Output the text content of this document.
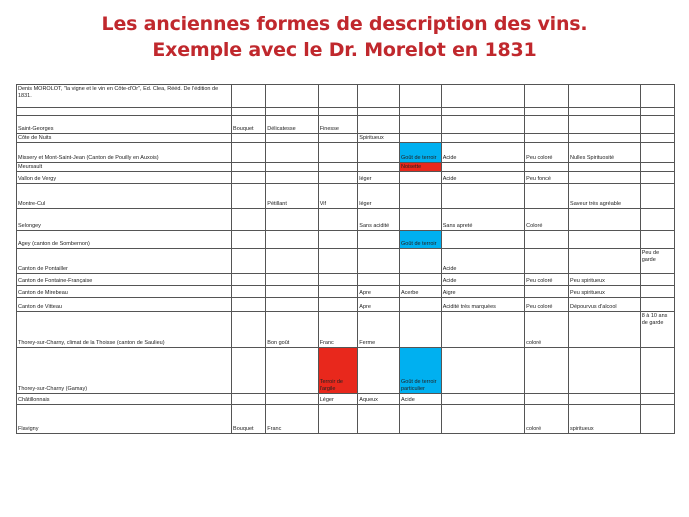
Les anciennes formes de description des vins.
Exemple avec le Dr. Morelot en 1831
Denis MOROLOT, "la vigne et le vin en Côte-d'Or", Ed. Clea, Rééd. De l'édition de 1831.									

Saint-Georges	Bouquet	Délicatesse	Finesse						
Côte de Nuits				Spiritueux					
Missery et Mont-Saint-Jean (Canton de Pouilly en Auxois)					Goût de terroir	Acide	Peu coloré	Nulles Spirituosité	
Meursault					Noisette				
Vallon de Vergy				léger		Acide	Peu foncé		
Montre-Cul		Pétillant	Vif	léger				Saveur très agréable	
Selongey				Sans acidité		Sans apreté	Coloré		
Agey (canton de Sombernon)					Goût de terroir				
Canton de Pontailler						Acide			Peu de garde
Canton de Fontaine-Française						Acide	Peu coloré	Peu spiritueux	
Canton de Mirebeau				Apre	Acerbe	Aigre		Peu spiritueux	
Canton de Vitteau				Apre		Acidité très marquées	Peu coloré	Dépourvus d'alcool	
Thorey-sur-Charny, climat de la Thoisse (canton de Saulieu)		Bon goût	Franc	Ferme			coloré		8 à 10 ans de garde
Thorey-sur-Charny (Gamay)			Terroir de l'argile		Goût de terroir particulier				
Châtillonnais			Léger	Aqueux	Acide				
Flavigny	Bouquet	Franc					coloré	spiritueux	
